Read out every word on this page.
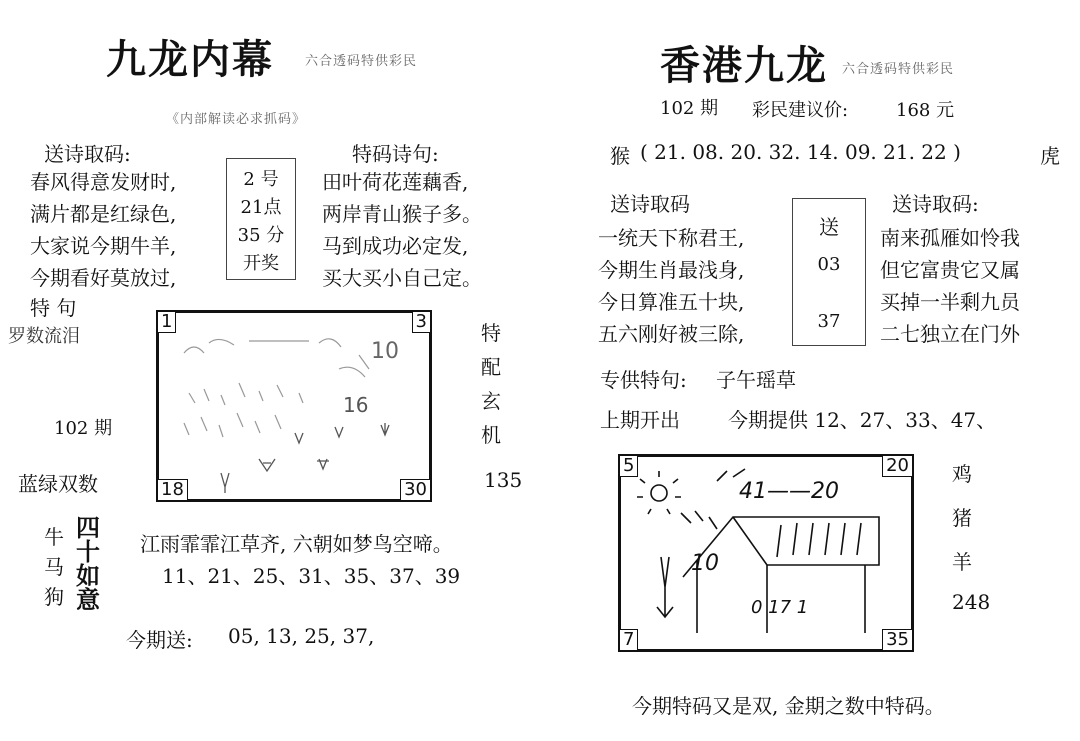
九龙内幕 六合透码特供彩民
《内部解读必求抓码》
送诗取码:
春风得意发财时,
满片都是红绿色,
大家说今期牛羊,
今期看好莫放过,
2 号
21点
35 分
开奖
特码诗句:
田叶荷花莲藕香,
两岸青山猴子多。
马到成功必定发,
买大买小自己定。
特 句
罗数流泪
102 期
蓝绿双数
1	3
18	30
10
16
特
配
玄
机
135
牛
马
狗
四
十
如
意
江雨霏霏江草齐, 六朝如梦鸟空啼。
11、21、25、31、35、37、39
今期送: 05, 13, 25, 37,
香港九龙 六合透码特供彩民
102 期 彩民建议价:	168 元
猴 ( 21. 08. 20. 32. 14. 09. 21. 22 )	虎
送诗取码
一统天下称君王,
今期生肖最浅身,
今日算准五十块,
五六刚好被三除,
送
03
37
送诗取码:
南来孤雁如怜我
但它富贵它又属
买掉一半剩九员
二七独立在门外
专供特句: 子午瑶草
上期开出 今期提供 12、27、33、47、
5	20
7	35
41——20
10
0 17 1
鸡
猪
羊
248
今期特码又是双, 金期之数中特码。
